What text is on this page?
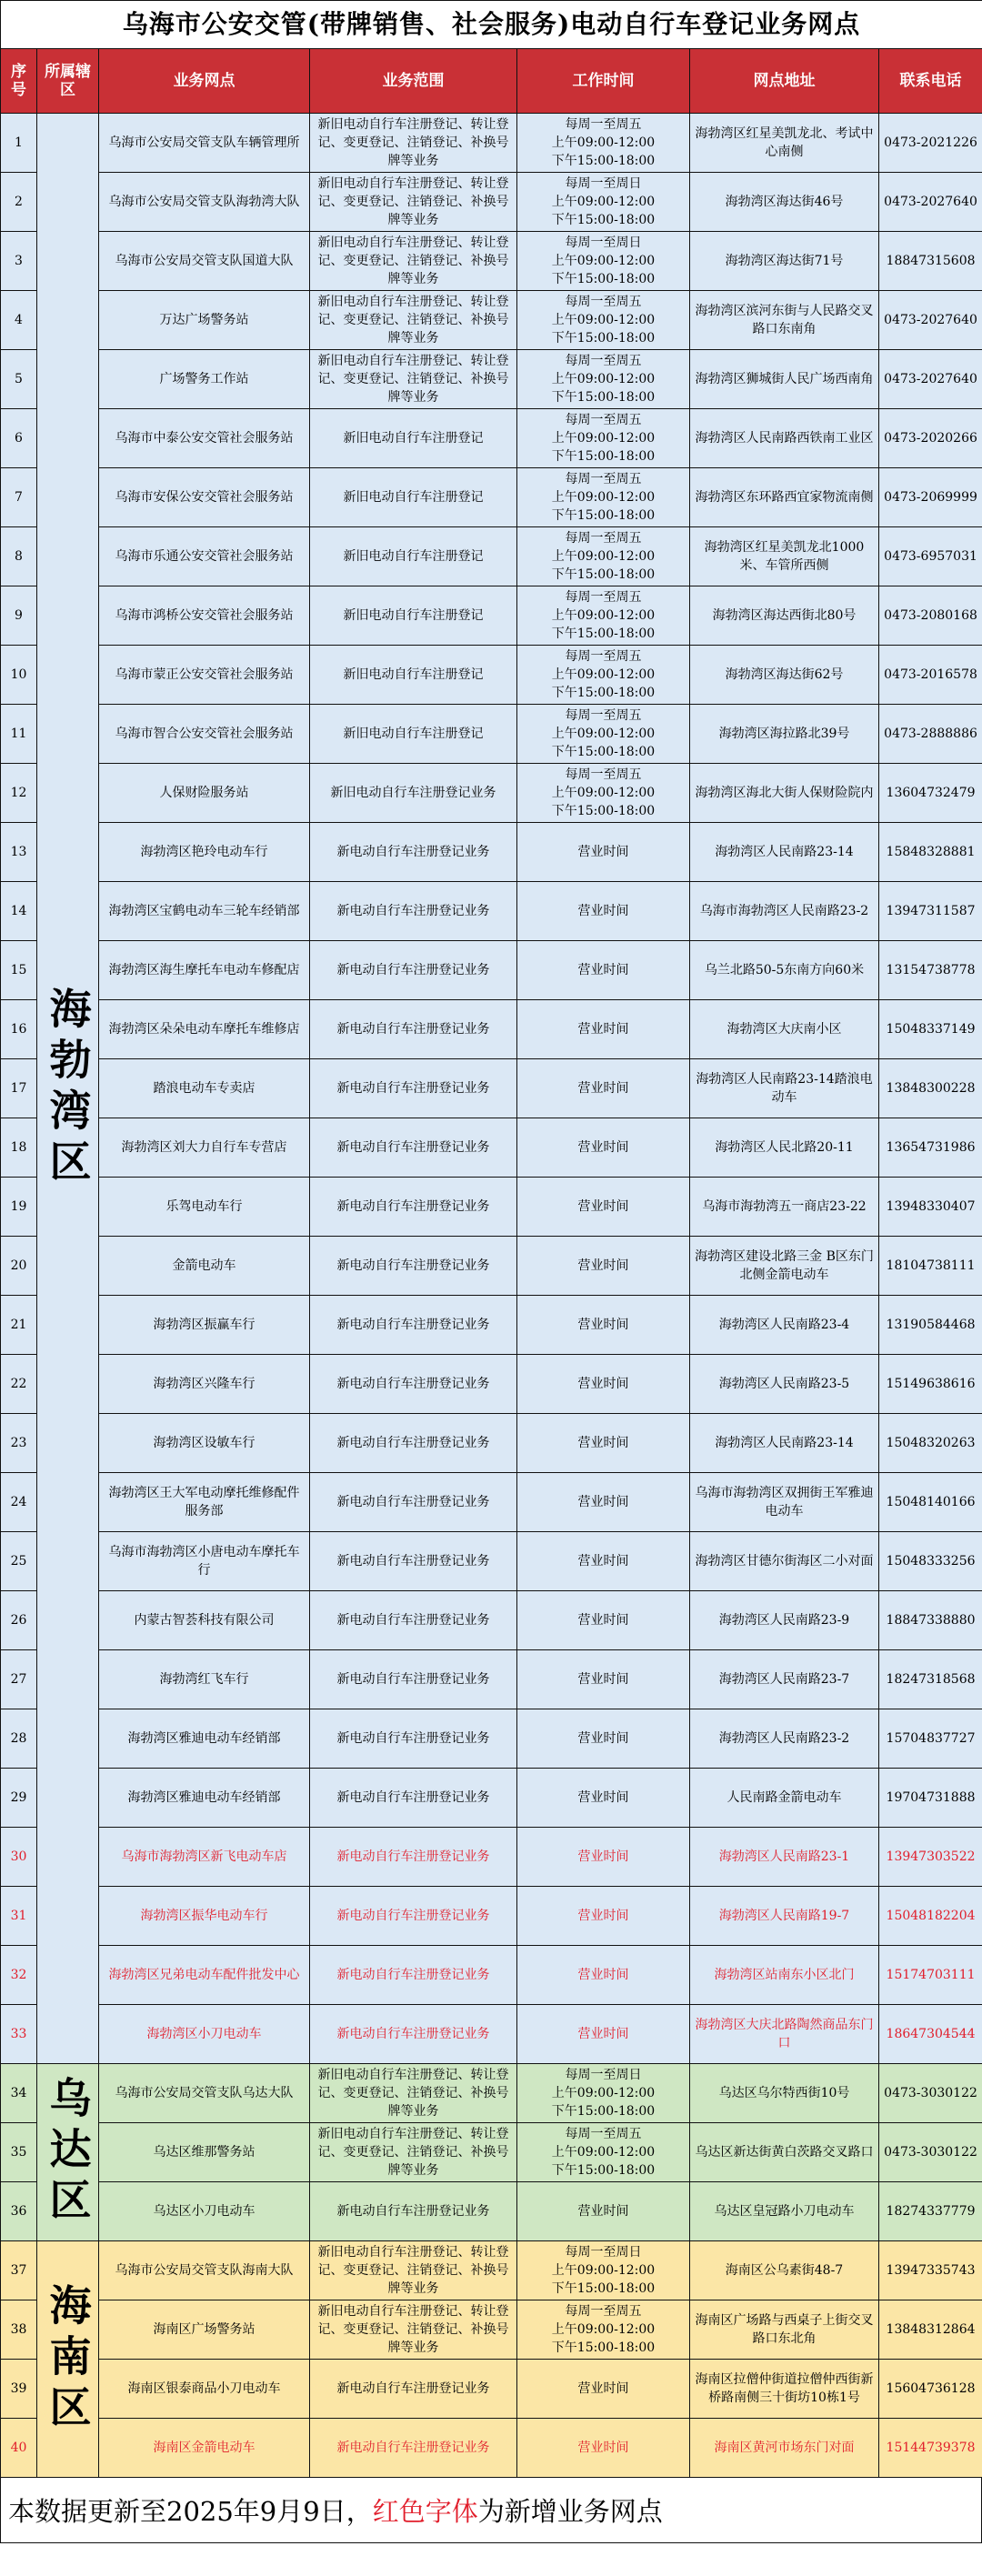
乌海市公安交管(带牌销售、社会服务)电动自行车登记业务网点						
序号	所属辖区	业务网点	业务范围	工作时间	网点地址	联系电话
1	海勃湾区	乌海市公安局交管支队车辆管理所	新旧电动自行车注册登记、转让登记、变更登记、注销登记、补换号牌等业务	每周一至周五
上午09:00-12:00
下午15:00-18:00	海勃湾区红星美凯龙北、考试中心南侧	0473-2021226
2		乌海市公安局交管支队海勃湾大队	新旧电动自行车注册登记、转让登记、变更登记、注销登记、补换号牌等业务	每周一至周日
上午09:00-12:00
下午15:00-18:00	海勃湾区海达街46号	0473-2027640
3		乌海市公安局交管支队国道大队	新旧电动自行车注册登记、转让登记、变更登记、注销登记、补换号牌等业务	每周一至周日
上午09:00-12:00
下午15:00-18:00	海勃湾区海达街71号	18847315608
4		万达广场警务站	新旧电动自行车注册登记、转让登记、变更登记、注销登记、补换号牌等业务	每周一至周五
上午09:00-12:00
下午15:00-18:00	海勃湾区滨河东街与人民路交叉路口东南角	0473-2027640
5		广场警务工作站	新旧电动自行车注册登记、转让登记、变更登记、注销登记、补换号牌等业务	每周一至周五
上午09:00-12:00
下午15:00-18:00	海勃湾区狮城街人民广场西南角	0473-2027640
6		乌海市中泰公安交管社会服务站	新旧电动自行车注册登记	每周一至周五
上午09:00-12:00
下午15:00-18:00	海勃湾区人民南路西铁南工业区	0473-2020266
7		乌海市安保公安交管社会服务站	新旧电动自行车注册登记	每周一至周五
上午09:00-12:00
下午15:00-18:00	海勃湾区东环路西宜家物流南侧	0473-2069999
8		乌海市乐通公安交管社会服务站	新旧电动自行车注册登记	每周一至周五
上午09:00-12:00
下午15:00-18:00	海勃湾区红星美凯龙北1000米、车管所西侧	0473-6957031
9		乌海市鸿桥公安交管社会服务站	新旧电动自行车注册登记	每周一至周五
上午09:00-12:00
下午15:00-18:00	海勃湾区海达西街北80号	0473-2080168
10		乌海市蒙正公安交管社会服务站	新旧电动自行车注册登记	每周一至周五
上午09:00-12:00
下午15:00-18:00	海勃湾区海达街62号	0473-2016578
11		乌海市智合公安交管社会服务站	新旧电动自行车注册登记	每周一至周五
上午09:00-12:00
下午15:00-18:00	海勃湾区海拉路北39号	0473-2888886
12		人保财险服务站	新旧电动自行车注册登记业务	每周一至周五
上午09:00-12:00
下午15:00-18:00	海勃湾区海北大街人保财险院内	13604732479
13		海勃湾区艳玲电动车行	新电动自行车注册登记业务	营业时间	海勃湾区人民南路23-14	15848328881
14		海勃湾区宝鹤电动车三轮车经销部	新电动自行车注册登记业务	营业时间	乌海市海勃湾区人民南路23-2	13947311587
15		海勃湾区海生摩托车电动车修配店	新电动自行车注册登记业务	营业时间	乌兰北路50-5东南方向60米	13154738778
16		海勃湾区朵朵电动车摩托车维修店	新电动自行车注册登记业务	营业时间	海勃湾区大庆南小区	15048337149
17		踏浪电动车专卖店	新电动自行车注册登记业务	营业时间	海勃湾区人民南路23-14踏浪电动车	13848300228
18		海勃湾区刘大力自行车专营店	新电动自行车注册登记业务	营业时间	海勃湾区人民北路20-11	13654731986
19		乐驾电动车行	新电动自行车注册登记业务	营业时间	乌海市海勃湾五一商店23-22	13948330407
20		金箭电动车	新电动自行车注册登记业务	营业时间	海勃湾区建设北路三金 B区东门北侧金箭电动车	18104738111
21		海勃湾区振赢车行	新电动自行车注册登记业务	营业时间	海勃湾区人民南路23-4	13190584468
22		海勃湾区兴隆车行	新电动自行车注册登记业务	营业时间	海勃湾区人民南路23-5	15149638616
23		海勃湾区设敏车行	新电动自行车注册登记业务	营业时间	海勃湾区人民南路23-14	15048320263
24		海勃湾区王大军电动摩托维修配件服务部	新电动自行车注册登记业务	营业时间	乌海市海勃湾区双拥街王军雅迪电动车	15048140166
25		乌海市海勃湾区小唐电动车摩托车行	新电动自行车注册登记业务	营业时间	海勃湾区甘德尔街海区二小对面	15048333256
26		内蒙古智荟科技有限公司	新电动自行车注册登记业务	营业时间	海勃湾区人民南路23-9	18847338880
27		海勃湾红飞车行	新电动自行车注册登记业务	营业时间	海勃湾区人民南路23-7	18247318568
28		海勃湾区雅迪电动车经销部	新电动自行车注册登记业务	营业时间	海勃湾区人民南路23-2	15704837727
29		海勃湾区雅迪电动车经销部	新电动自行车注册登记业务	营业时间	人民南路金箭电动车	19704731888
30		乌海市海勃湾区新飞电动车店	新电动自行车注册登记业务	营业时间	海勃湾区人民南路23-1	13947303522
31		海勃湾区振华电动车行	新电动自行车注册登记业务	营业时间	海勃湾区人民南路19-7	15048182204
32		海勃湾区兄弟电动车配件批发中心	新电动自行车注册登记业务	营业时间	海勃湾区站南东小区北门	15174703111
33		海勃湾区小刀电动车	新电动自行车注册登记业务	营业时间	海勃湾区大庆北路陶然商品东门口	18647304544
34	乌达区	乌海市公安局交管支队乌达大队	新旧电动自行车注册登记、转让登记、变更登记、注销登记、补换号牌等业务	每周一至周日
上午09:00-12:00
下午15:00-18:00	乌达区乌尔特西街10号	0473-3030122
35		乌达区维那警务站	新旧电动自行车注册登记、转让登记、变更登记、注销登记、补换号牌等业务	每周一至周五
上午09:00-12:00
下午15:00-18:00	乌达区新达街黄白茨路交叉路口	0473-3030122
36		乌达区小刀电动车	新电动自行车注册登记业务	营业时间	乌达区皇冠路小刀电动车	18274337779
37	海南区	乌海市公安局交管支队海南大队	新旧电动自行车注册登记、转让登记、变更登记、注销登记、补换号牌等业务	每周一至周日
上午09:00-12:00
下午15:00-18:00	海南区公乌素街48-7	13947335743
38		海南区广场警务站	新旧电动自行车注册登记、转让登记、变更登记、注销登记、补换号牌等业务	每周一至周五
上午09:00-12:00
下午15:00-18:00	海南区广场路与西桌子上街交叉路口东北角	13848312864
39		海南区银泰商品小刀电动车	新电动自行车注册登记业务	营业时间	海南区拉僧仲街道拉僧仲西街新桥路南侧三十街坊10栋1号	15604736128
40		海南区金箭电动车	新电动自行车注册登记业务	营业时间	海南区黄河市场东门对面	15144739378
本数据更新至2025年9月9日， 红色字体 为新增业务网点
